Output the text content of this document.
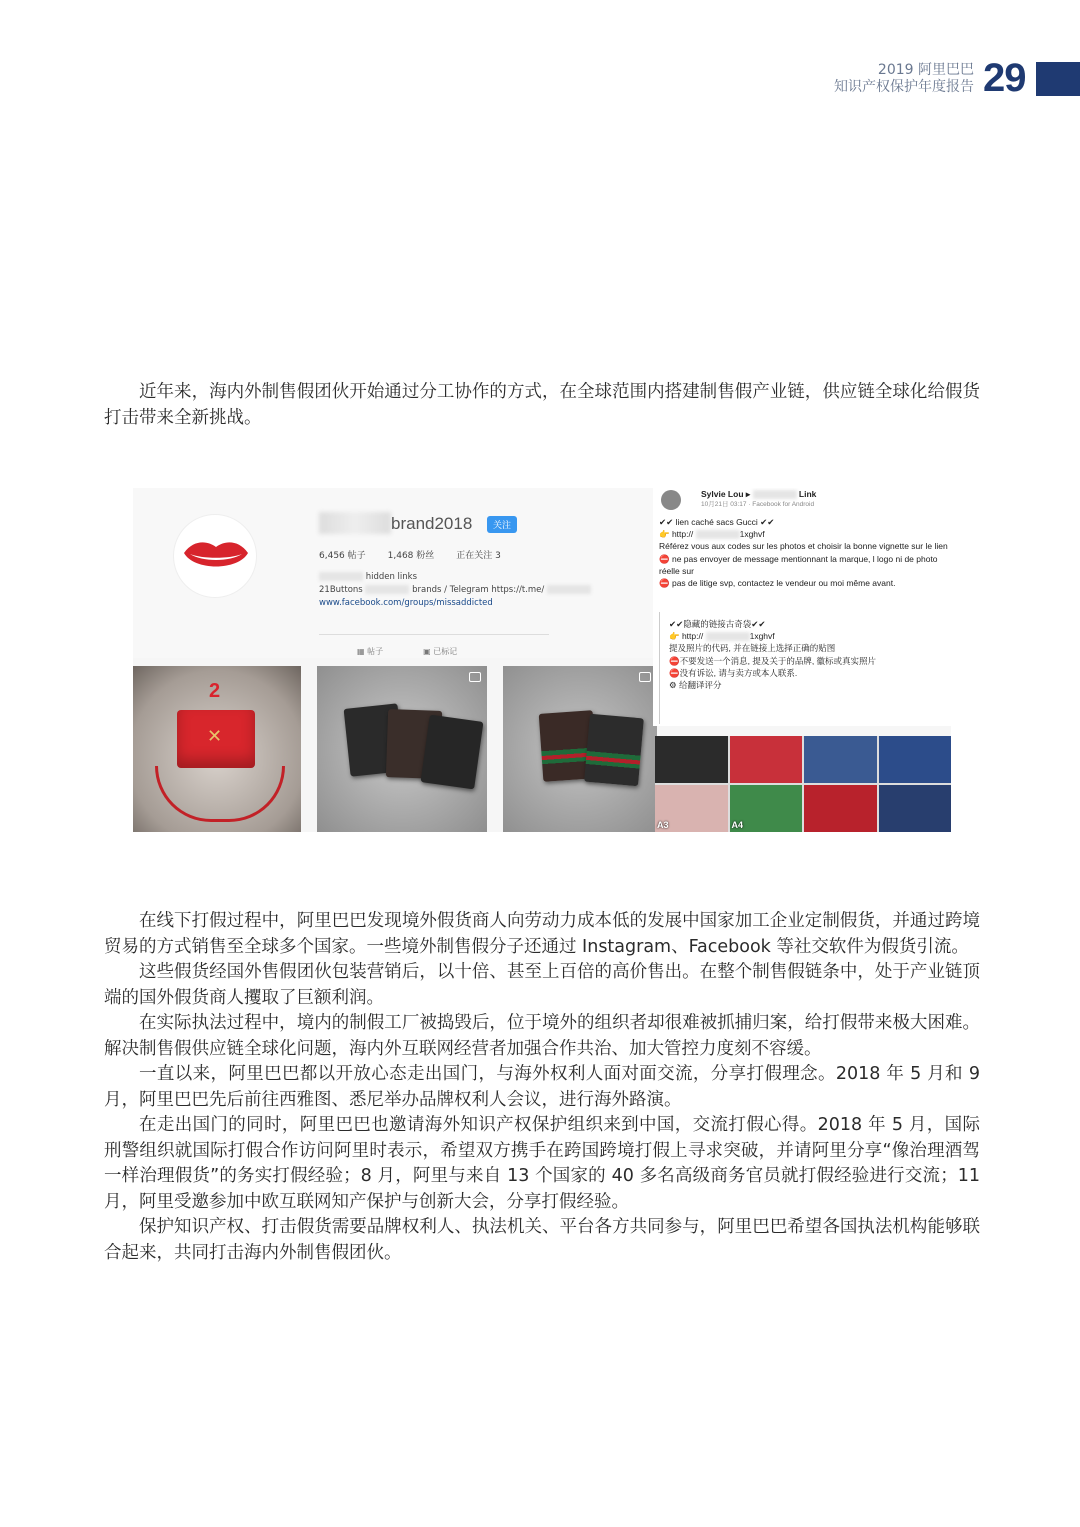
2019 阿里巴巴
知识产权保护年度报告 29

近年来，海内外制售假团伙开始通过分工协作的方式，在全球范围内搭建制售假产业链，供应链全球化给假货打击带来全新挑战。

brand2018	关注
6,456 帖子 1,468 粉丝 正在关注 3
hidden links
21Buttons	brands / Telegram https://t.me/
www.facebook.com/groups/missaddicted
▦ 帖子	▣ 已标记
2
✕
Sylvie Lou ▸	Link
10月21日 03:17 · Facebook for Android

✔✔ lien caché sacs Gucci ✔✔

👉 http://	1xghvf

Référez vous aux codes sur les photos et choisir la bonne vignette sur le lien

⛔ ne pas envoyer de message mentionnant la marque, l logo ni de photo réelle sur

⛔ pas de litige svp, contactez le vendeur ou moi même avant.

✔✔隐藏的链接古奇袋✔✔

👉 http://	1xghvf

提及照片的代码, 并在链接上选择正确的贴图

⛔不要发送一个消息, 提及关于的品牌, 徽标或真实照片

⛔没有诉讼, 请与卖方或本人联系.

⚙ 给翻译评分

A3	A4

在线下打假过程中，阿里巴巴发现境外假货商人向劳动力成本低的发展中国家加工企业定制假货，并通过跨境贸易的方式销售至全球多个国家。一些境外制售假分子还通过 Instagram、Facebook 等社交软件为假货引流。

这些假货经国外售假团伙包装营销后，以十倍、甚至上百倍的高价售出。在整个制售假链条中，处于产业链顶端的国外假货商人攫取了巨额利润。

在实际执法过程中，境内的制假工厂被捣毁后，位于境外的组织者却很难被抓捕归案，给打假带来极大困难。解决制售假供应链全球化问题，海内外互联网经营者加强合作共治、加大管控力度刻不容缓。

一直以来，阿里巴巴都以开放心态走出国门，与海外权利人面对面交流，分享打假理念。2018 年 5 月和 9 月，阿里巴巴先后前往西雅图、悉尼举办品牌权利人会议，进行海外路演。

在走出国门的同时，阿里巴巴也邀请海外知识产权保护组织来到中国，交流打假心得。2018 年 5 月，国际刑警组织就国际打假合作访问阿里时表示，希望双方携手在跨国跨境打假上寻求突破，并请阿里分享“像治理酒驾一样治理假货”的务实打假经验；8 月，阿里与来自 13 个国家的 40 多名高级商务官员就打假经验进行交流；11 月，阿里受邀参加中欧互联网知产保护与创新大会，分享打假经验。

保护知识产权、打击假货需要品牌权利人、执法机关、平台各方共同参与，阿里巴巴希望各国执法机构能够联合起来，共同打击海内外制售假团伙。
